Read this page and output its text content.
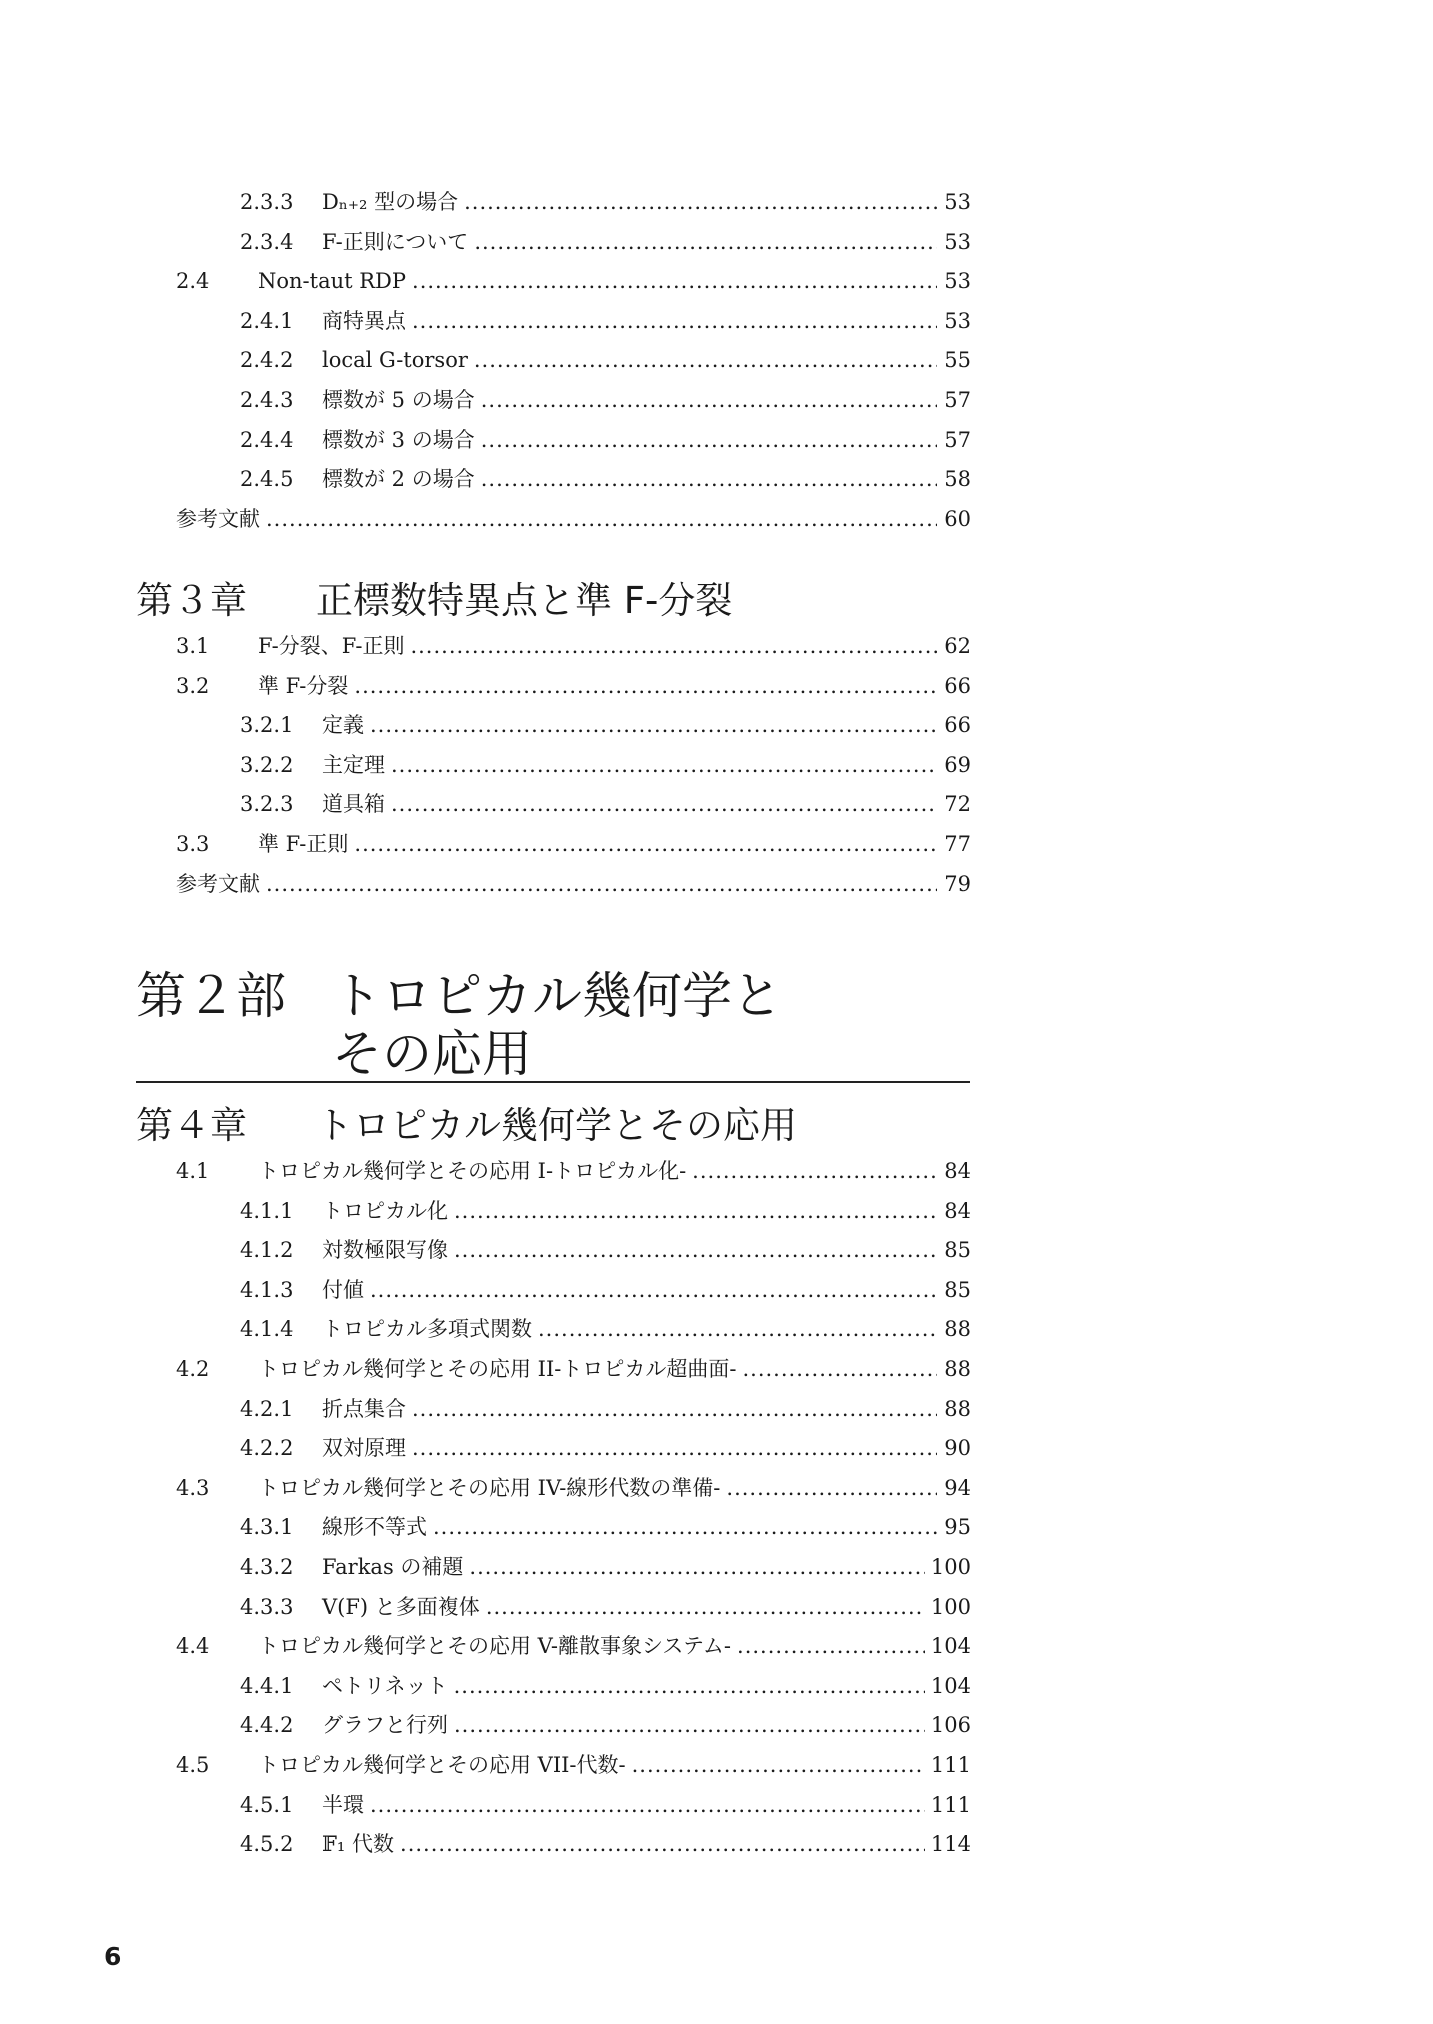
2.3.3	Dₙ₊₂ 型の場合 .....	53
2.3.4	F-正則について .....	53
2.4	Non-taut RDP .....	53
2.4.1	商特異点 .....	53
2.4.2	local G-torsor .....	55
2.4.3	標数が 5 の場合 .....	57
2.4.4	標数が 3 の場合 .....	57
2.4.5	標数が 2 の場合 .....	58
参考文献 .....	60
第３章	正標数特異点と準 F-分裂
3.1	F-分裂、F-正則 .....	62
3.2	準 F-分裂 .....	66
3.2.1	定義 .....	66
3.2.2	主定理 .....	69
3.2.3	道具箱 .....	72
3.3	準 F-正則 .....	77
参考文献 .....	79
第２部 トロピカル幾何学と
その応用
第４章	トロピカル幾何学とその応用
4.1	トロピカル幾何学とその応用 I-トロピカル化- .....	84
4.1.1	トロピカル化 .....	84
4.1.2	対数極限写像 .....	85
4.1.3	付値 .....	85
4.1.4	トロピカル多項式関数 .....	88
4.2	トロピカル幾何学とその応用 II-トロピカル超曲面- .....	88
4.2.1	折点集合 .....	88
4.2.2	双対原理 .....	90
4.3	トロピカル幾何学とその応用 IV-線形代数の準備- .....	94
4.3.1	線形不等式 .....	95
4.3.2	Farkas の補題 .....	100
4.3.3	V(F) と多面複体 .....	100
4.4	トロピカル幾何学とその応用 V-離散事象システム- .....	104
4.4.1	ペトリネット .....	104
4.4.2	グラフと行列 .....	106
4.5	トロピカル幾何学とその応用 VII-代数- .....	111
4.5.1	半環 .....	111
4.5.2	𝔽₁ 代数 .....	114
6
